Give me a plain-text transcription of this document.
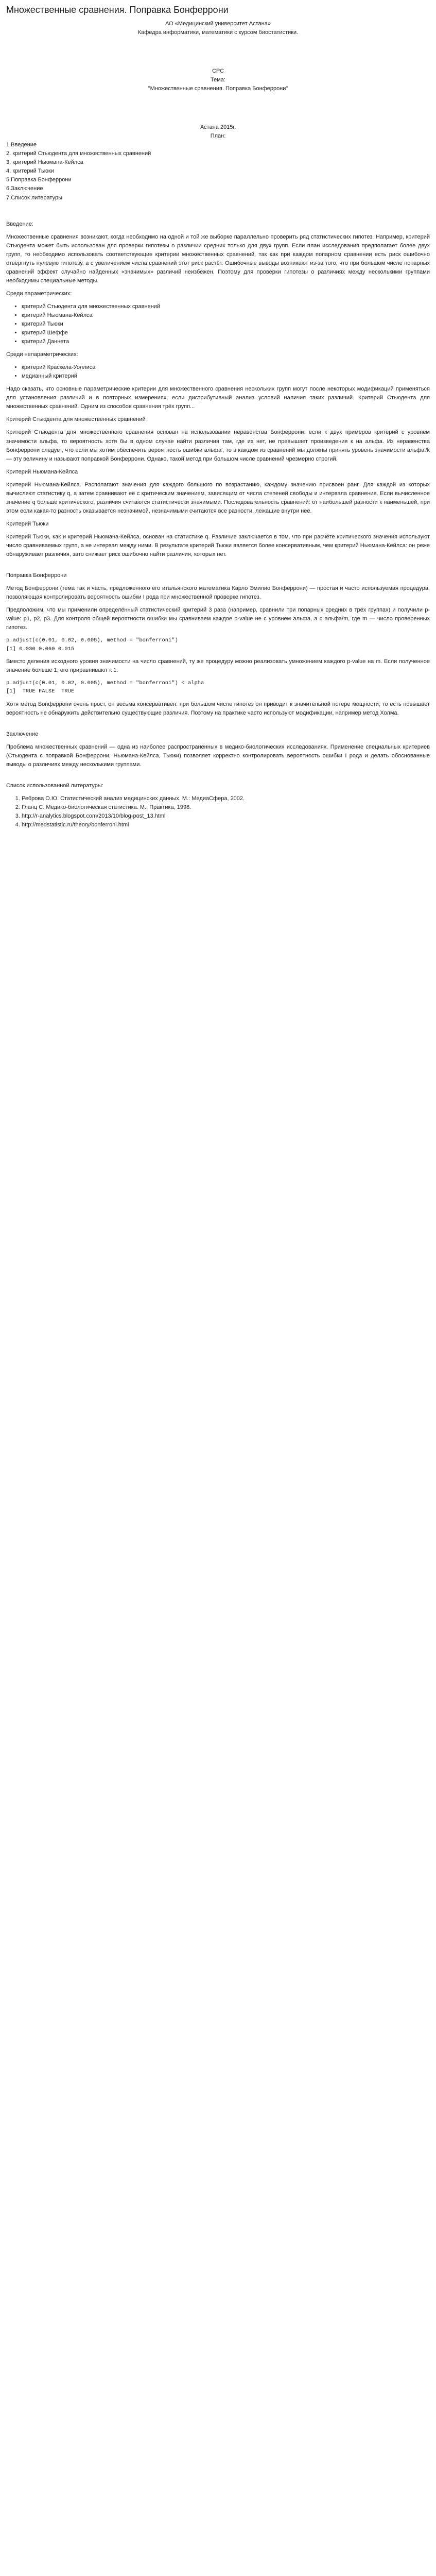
Множественные сравнения. Поправка Бонферрони

АО «Медицинский университет Астана»

Кафедра информатики, математики с курсом биостатистики.

СРС

Тема:

"Множественные сравнения. Поправка Бонферрони"

Астана 2015г.

План:

1.Введение
2. критерий Стьюдента для множественных сравнений
3. критерий Ньюмана-Кейлса
4. критерий Тьюки
5.Поправка Бонферрони
6.Заключение
7.Список литературы

Введение:

Множественные сравнения возникают, когда необходимо на одной и той же выборке параллельно проверить ряд статистических гипотез. Например, критерий Стьюдента может быть использован для проверки гипотезы о различии средних только для двух групп. Если план исследования предполагает более двух групп, то необходимо использовать соответствующие критерии множественных сравнений, так как при каждом попарном сравнении есть риск ошибочно отвергнуть нулевую гипотезу, а с увеличением числа сравнений этот риск растёт. Ошибочные выводы возникают из-за того, что при большом числе попарных сравнений эффект случайно найденных «значимых» различий неизбежен. Поэтому для проверки гипотезы о различиях между несколькими группами необходимы специальные методы.

Среди параметрических:

• критерий Стьюдента для множественных сравнений
• критерий Ньюмана-Кейлса
• критерий Тьюки
• критерий Шеффе
• критерий Даннета

Среди непараметрических:

• критерий Краскела-Уоллиса
• медианный критерий

Надо сказать, что основные параметрические критерии для множественного сравнения нескольких групп могут после некоторых модификаций применяться для установления различий и в повторных измерениях, если дистрибутивный анализ условий наличия таких различий. Критерий Стьюдента для множественных сравнений. Одним из способов сравнения трёх групп...

Критерий Стьюдента для множественных сравнений

Критерий Стьюдента для множественного сравнения основан на использовании неравенства Бонферрони: если к двух примеров критерий с уровнем значимости альфа, то вероятность хотя бы в одном случае найти различия там, где их нет, не превышает произведения к на альфа. Из неравенства Бонферрони следует, что если мы хотим обеспечить вероятность ошибки альфа', то в каждом из сравнений мы должны принять уровень значимости альфа'/k — эту величину и называют поправкой Бонферрони. Однако, такой метод при большом числе сравнений чрезмерно строгий.

Критерий Ньюмана-Кейлса

Критерий Ньюмана-Кейлса. Располагают значения для каждого большого по возрастанию, каждому значению присвоен ранг. Для каждой из которых вычисляют статистику q, а затем сравнивают её с критическим значением, зависящим от числа степеней свободы и интервала сравнения. Если вычисленное значение q больше критического, различия считаются статистически значимыми. Последовательность сравнений: от наибольшей разности к наименьшей, при этом если какая-то разность оказывается незначимой, незначимыми считаются все разности, лежащие внутри неё.

Критерий Тьюки

Критерий Тьюки, как и критерий Ньюмана-Кейлса, основан на статистике q. Различие заключается в том, что при расчёте критического значения используют число сравниваемых групп, а не интервал между ними. В результате критерий Тьюки является более консервативным, чем критерий Ньюмана-Кейлса: он реже обнаруживает различия, зато снижает риск ошибочно найти различия, которых нет.

Поправка Бонферрони

Метод Бонферрони (тема так и часть, предложенного его итальянского математика Карло Эмилио Бонферрони) — простая и часто используемая процедура, позволяющая контролировать вероятность ошибки I рода при множественной проверке гипотез.

Предположим, что мы применили определённый статистический критерий 3 раза (например, сравнили три попарных средних в трёх группах) и получили p-value: p1, p2, p3. Для контроля общей вероятности ошибки мы сравниваем каждое p-value не с уровнем альфа, а с альфа/m, где m — число проверенных гипотез.

p.adjust(c(0.01, 0.02, 0.005), method = "bonferroni")
[1] 0.030 0.060 0.015

Вместо деления исходного уровня значимости на число сравнений, ту же процедуру можно реализовать умножением каждого p-value на m. Если полученное значение больше 1, его приравнивают к 1.

p.adjust(c(0.01, 0.02, 0.005), method = "bonferroni") < alpha
[1]  TRUE FALSE  TRUE

Хотя метод Бонферрони очень прост, он весьма консервативен: при большом числе гипотез он приводит к значительной потере мощности, то есть повышает вероятность не обнаружить действительно существующие различия. Поэтому на практике часто используют модификации, например метод Холма.

Заключение

Проблема множественных сравнений — одна из наиболее распространённых в медико-биологических исследованиях. Применение специальных критериев (Стьюдента с поправкой Бонферрони, Ньюмана-Кейлса, Тьюки) позволяет корректно контролировать вероятность ошибки I рода и делать обоснованные выводы о различиях между несколькими группами.

Список использованной литературы:

1. Реброва О.Ю. Статистический анализ медицинских данных. М.: МедиаСфера, 2002.
2. Гланц С. Медико-биологическая статистика. М.: Практика, 1998.
3. http://r-analytics.blogspot.com/2013/10/blog-post_13.html
4. http://medstatistic.ru/theory/bonferroni.html
